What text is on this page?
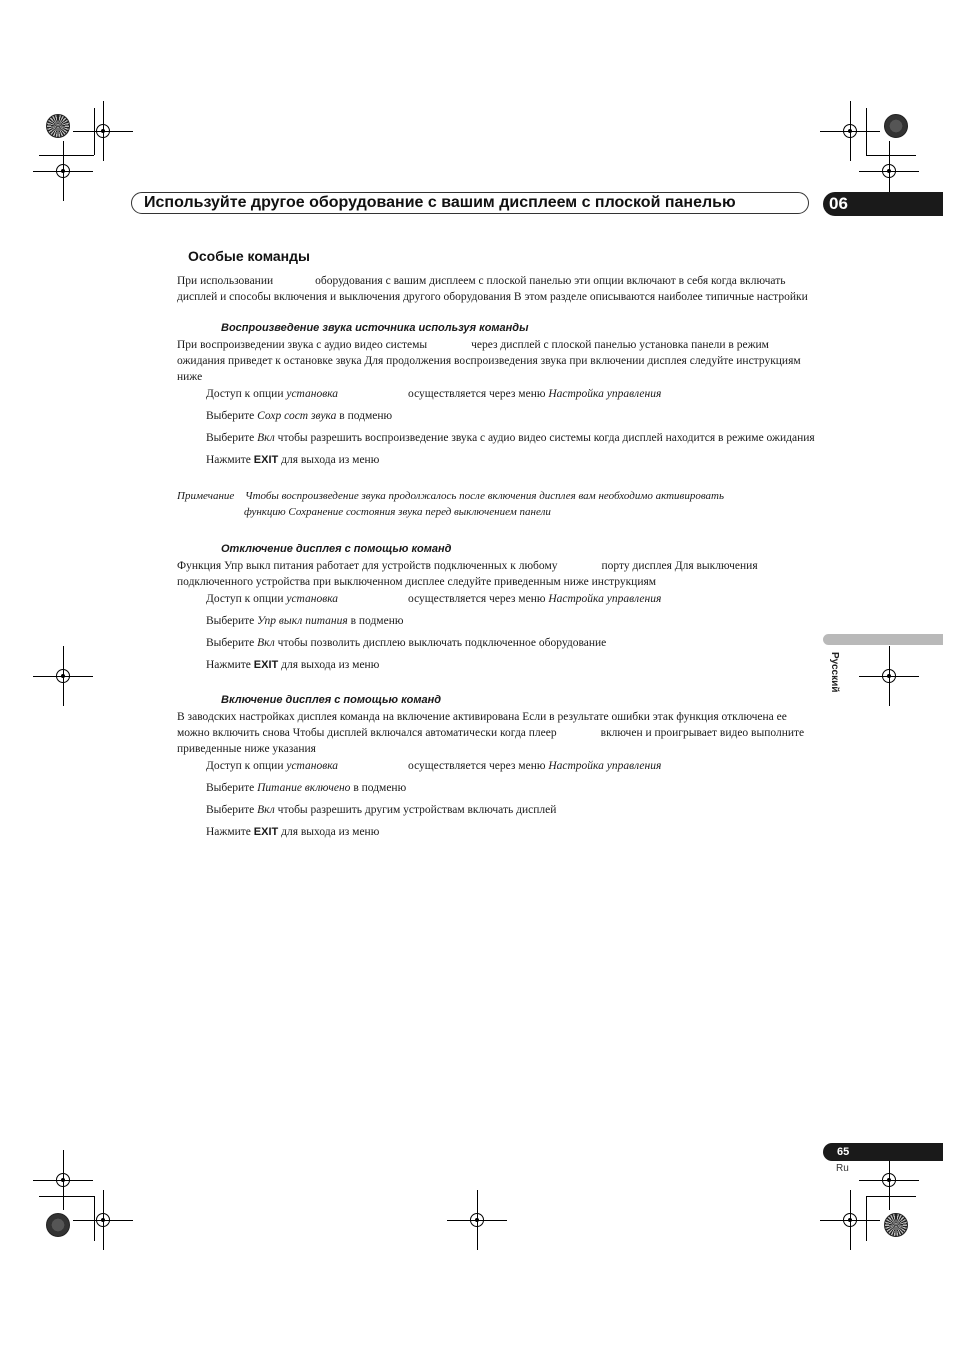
Используйте другое оборудование с вашим дисплеем с плоской панелью	06
Русский
65
Ru
Особые команды

При использовании	оборудования с вашим дисплеем с плоской панелью эти опции включают в себя когда включать дисплей и способы включения и выключения другого оборудования В этом разделе описываются наиболее типичные настройки

Воспроизведение звука источника используя команды

При воспроизведении звука с аудио видео системы	через дисплей с плоской панелью установка панели в режим ожидания приведет к остановке звука Для продолжения воспроизведения звука при включении дисплея следуйте инструкциям ниже

Доступ к опции установка	осуществляется через меню Настройка управления
Выберите Сохр сост звука в подменю
Выберите Вкл чтобы разрешить воспроизведение звука с аудио видео системы когда дисплей находится в режиме ожидания
Нажмите EXIT для выхода из меню
Примечание Чтобы воспроизведение звука продолжалось после включения дисплея вам необходимо активировать
функцию Сохранение состояния звука перед выключением панели
Отключение дисплея с помощью команд

Функция Упр выкл питания работает для устройств подключенных к любому	порту дисплея Для выключения подключенного устройства при выключенном дисплее следуйте приведенным ниже инструкциям

Доступ к опции установка	осуществляется через меню Настройка управления
Выберите Упр выкл питания в подменю
Выберите Вкл чтобы позволить дисплею выключать подключенное оборудование
Нажмите EXIT для выхода из меню
Включение дисплея с помощью команд

В заводских настройках дисплея команда на включение активирована Если в результате ошибки этак функция отключена ее можно включить снова Чтобы дисплей включался автоматически когда плеер	включен и проигрывает видео выполните приведенные ниже указания

Доступ к опции установка	осуществляется через меню Настройка управления
Выберите Питание включено в подменю
Выберите Вкл чтобы разрешить другим устройствам включать дисплей
Нажмите EXIT для выхода из меню
